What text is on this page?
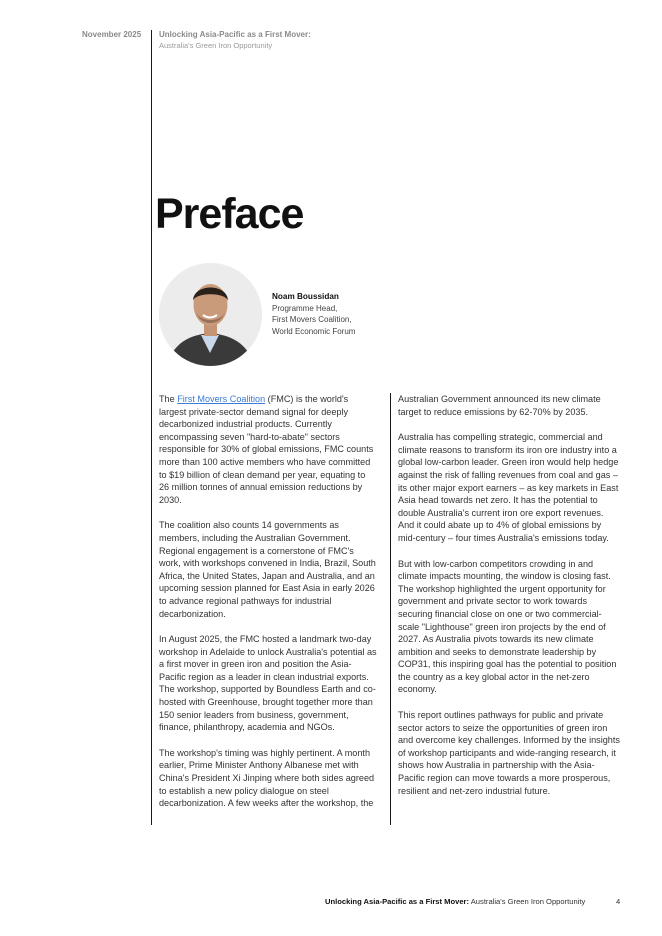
November 2025 Unlocking Asia-Pacific as a First Mover:
Australia's Green Iron Opportunity
Preface
Noam Boussidan
Programme Head,
First Movers Coalition,
World Economic Forum

The First Movers Coalition (FMC) is the world's largest private-sector demand signal for deeply decarbonized industrial products. Currently encompassing seven "hard-to-abate" sectors responsible for 30% of global emissions, FMC counts more than 100 active members who have committed to $19 billion of clean demand per year, equating to 26 million tonnes of annual emission reductions by 2030.

The coalition also counts 14 governments as members, including the Australian Government. Regional engagement is a cornerstone of FMC's work, with workshops convened in India, Brazil, South Africa, the United States, Japan and Australia, and an upcoming session planned for East Asia in early 2026 to advance regional pathways for industrial decarbonization.

In August 2025, the FMC hosted a landmark two-day workshop in Adelaide to unlock Australia's potential as a first mover in green iron and position the Asia-Pacific region as a leader in clean industrial exports. The workshop, supported by Boundless Earth and co-hosted with Greenhouse, brought together more than 150 senior leaders from business, government, finance, philanthropy, academia and NGOs.

The workshop's timing was highly pertinent. A month earlier, Prime Minister Anthony Albanese met with China's President Xi Jinping where both sides agreed to establish a new policy dialogue on steel decarbonization. A few weeks after the workshop, the

Australian Government announced its new climate target to reduce emissions by 62-70% by 2035.

Australia has compelling strategic, commercial and climate reasons to transform its iron ore industry into a global low-carbon leader. Green iron would help hedge against the risk of falling revenues from coal and gas – its other major export earners – as key markets in East Asia head towards net zero. It has the potential to double Australia's current iron ore export revenues. And it could abate up to 4% of global emissions by mid-century – four times Australia's emissions today.

But with low-carbon competitors crowding in and climate impacts mounting, the window is closing fast. The workshop highlighted the urgent opportunity for government and private sector to work towards securing financial close on one or two commercial-scale "Lighthouse" green iron projects by the end of 2027. As Australia pivots towards its new climate ambition and seeks to demonstrate leadership by COP31, this inspiring goal has the potential to position the country as a key global actor in the net-zero economy.

This report outlines pathways for public and private sector actors to seize the opportunities of green iron and overcome key challenges. Informed by the insights of workshop participants and wide-ranging research, it shows how Australia in partnership with the Asia-Pacific region can move towards a more prosperous, resilient and net-zero industrial future.

Unlocking Asia-Pacific as a First Mover: Australia's Green Iron Opportunity	4
